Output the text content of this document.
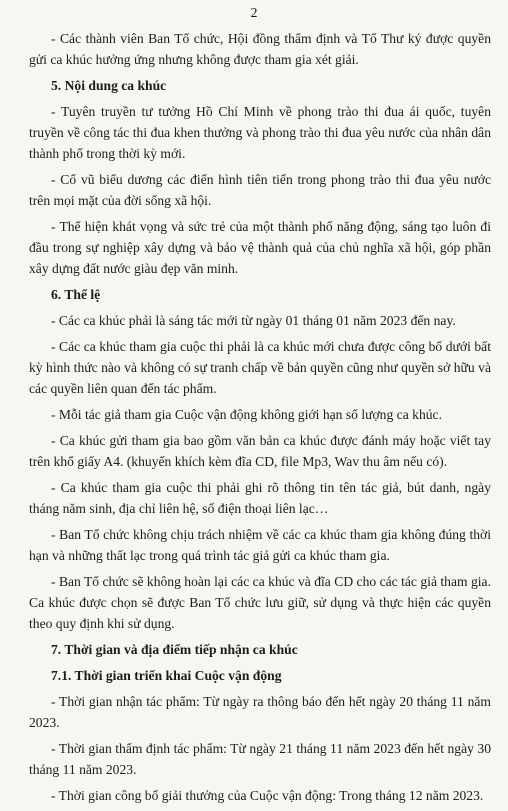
2

- Các thành viên Ban Tổ chức, Hội đồng thẩm định và Tổ Thư ký được quyền gửi ca khúc hưởng ứng nhưng không được tham gia xét giải.

5. Nội dung ca khúc

- Tuyên truyền tư tưởng Hồ Chí Minh về phong trào thi đua ái quốc, tuyên truyền về công tác thi đua khen thưởng và phong trào thi đua yêu nước của nhân dân thành phố trong thời kỳ mới.

- Cổ vũ biểu dương các điển hình tiên tiến trong phong trào thi đua yêu nước trên mọi mặt của đời sống xã hội.

- Thể hiện khát vọng và sức trẻ của một thành phố năng động, sáng tạo luôn đi đầu trong sự nghiệp xây dựng và bảo vệ thành quả của chủ nghĩa xã hội, góp phần xây dựng đất nước giàu đẹp văn minh.

6. Thể lệ

- Các ca khúc phải là sáng tác mới từ ngày 01 tháng 01 năm 2023 đến nay.

- Các ca khúc tham gia cuộc thi phải là ca khúc mới chưa được công bố dưới bất kỳ hình thức nào và không có sự tranh chấp về bản quyền cũng như quyền sở hữu và các quyền liên quan đến tác phẩm.

- Mỗi tác giả tham gia Cuộc vận động không giới hạn số lượng ca khúc.

- Ca khúc gửi tham gia bao gồm văn bản ca khúc được đánh máy hoặc viết tay trên khổ giấy A4. (khuyến khích kèm đĩa CD, file Mp3, Wav thu âm nếu có).

- Ca khúc tham gia cuộc thi phải ghi rõ thông tin tên tác giả, bút danh, ngày tháng năm sinh, địa chỉ liên hệ, số điện thoại liên lạc…

- Ban Tổ chức không chịu trách nhiệm về các ca khúc tham gia không đúng thời hạn và những thất lạc trong quá trình tác giả gửi ca khúc tham gia.

- Ban Tổ chức sẽ không hoàn lại các ca khúc và đĩa CD cho các tác giả tham gia. Ca khúc được chọn sẽ được Ban Tổ chức lưu giữ, sử dụng và thực hiện các quyền theo quy định khi sử dụng.

7. Thời gian và địa điểm tiếp nhận ca khúc

7.1. Thời gian triển khai Cuộc vận động

- Thời gian nhận tác phẩm: Từ ngày ra thông báo đến hết ngày 20 tháng 11 năm 2023.

- Thời gian thẩm định tác phẩm: Từ ngày 21 tháng 11 năm 2023 đến hết ngày 30 tháng 11 năm 2023.

- Thời gian công bố giải thưởng của Cuộc vận động: Trong tháng 12 năm 2023.
